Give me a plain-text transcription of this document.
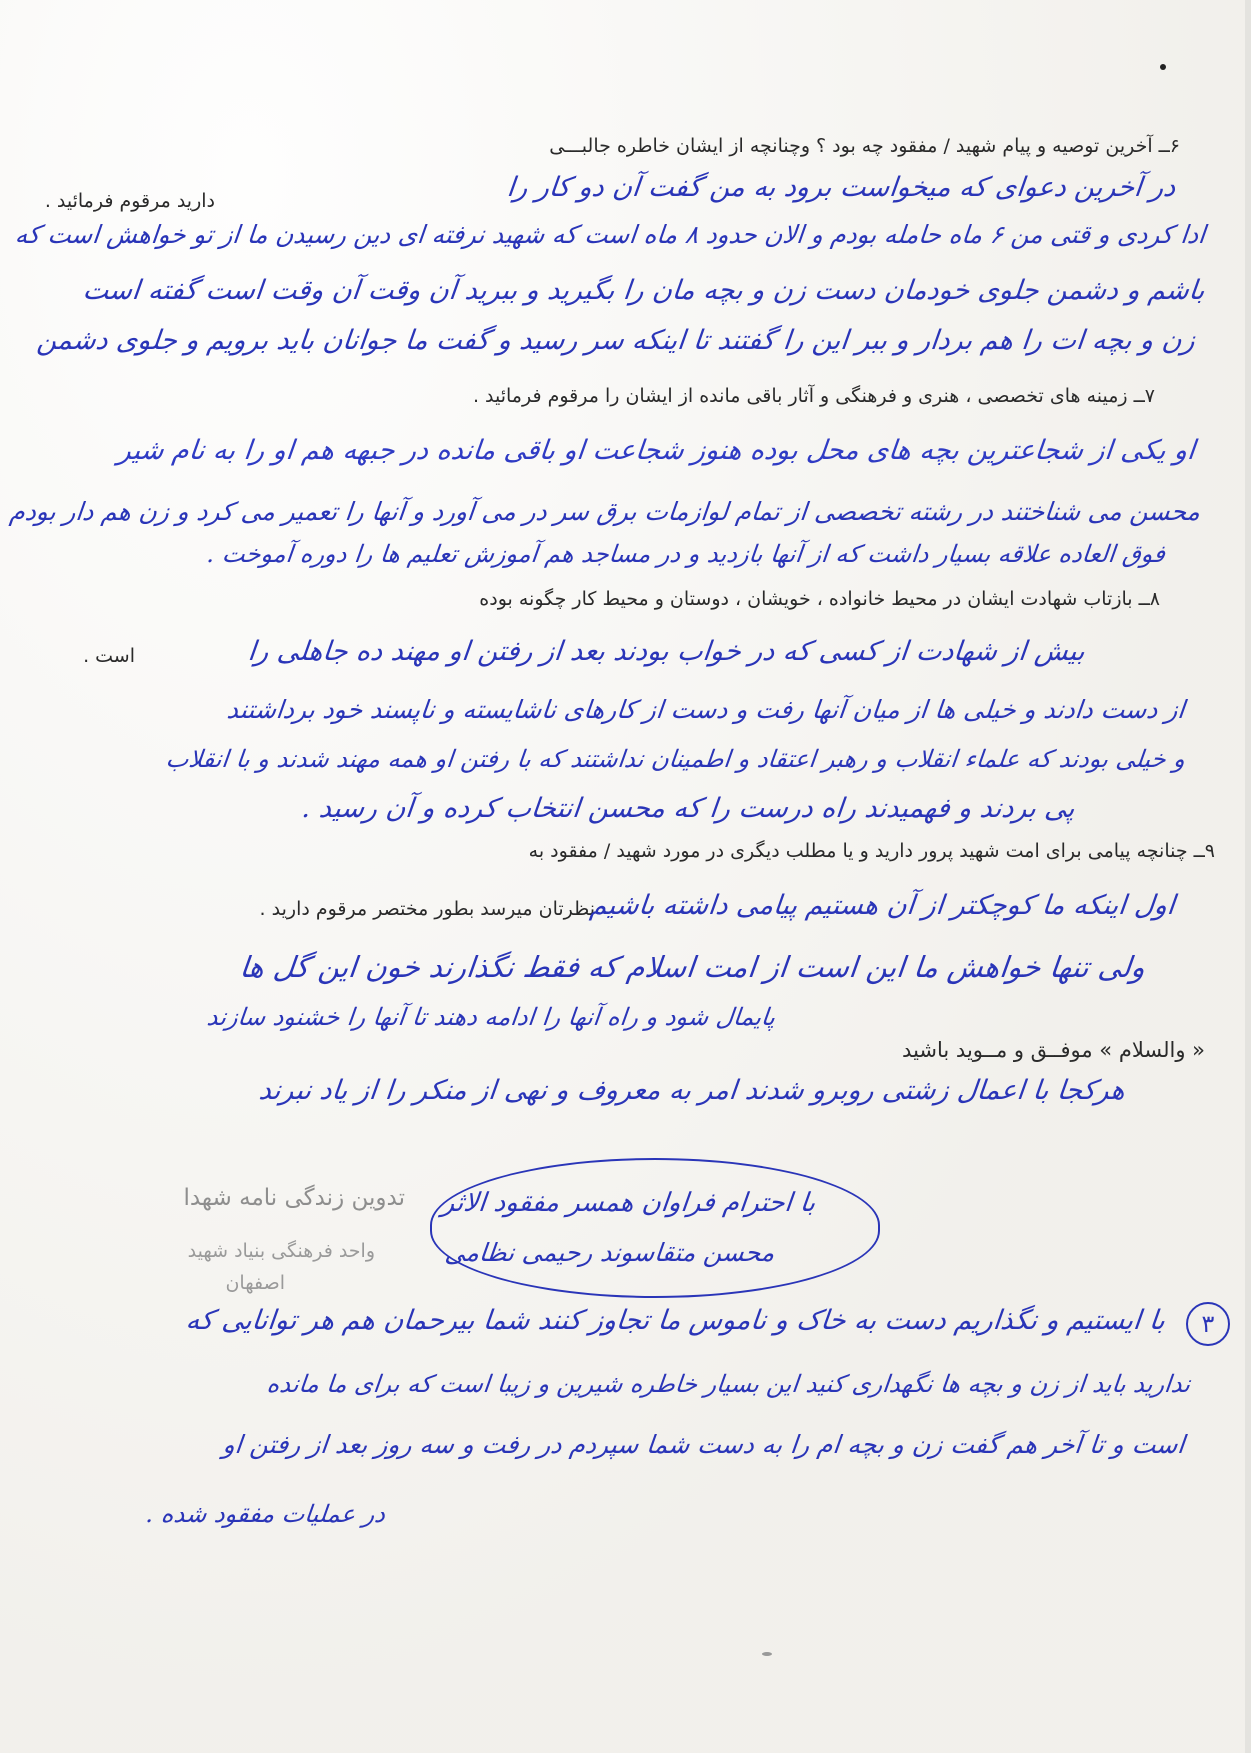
۶ــ آخرین توصیه و پیام شهید / مفقود چه بود ؟ وچنانچه از ایشان خاطره جالبـــی
دارید مرقوم فرمائید .	در آخرین دعوای که میخواست برود به من گفت آن دو کار را
ادا کردی و قتی من ۶ ماه حامله بودم و الان حدود ۸ ماه است که شهید نرفته ای دین رسیدن ما از تو خواهش است که
باشم و دشمن جلوی خودمان دست زن و بچه مان را بگیرید و ببرید آن وقت آن وقت است گفته است
زن و بچه ات را هم بردار و ببر این را گفتند تا اینکه سر رسید و گفت ما جوانان باید برویم و جلوی دشمن
۷ــ زمینه های تخصصی ، هنری و فرهنگی و آثار باقی مانده از ایشان را مرقوم فرمائید .
او یکی از شجاعترین بچه های محل بوده هنوز شجاعت او باقی مانده در جبهه هم او را به نام شیر
محسن می شناختند در رشته تخصصی از تمام لوازمات برق سر در می آورد و آنها را تعمیر می کرد و زن هم دار بودم
فوق العاده علاقه بسیار داشت که از آنها بازدید و در مساجد هم آموزش تعلیم ها را دوره آموخت .
۸ــ بازتاب شهادت ایشان در محیط خانواده ، خویشان ، دوستان و محیط کار چگونه بوده
است .	بیش از شهادت از کسی که در خواب بودند بعد از رفتن او مهند ده جاهلی را
از دست دادند و خیلی ها از میان آنها رفت و دست از کارهای ناشایسته و ناپسند خود برداشتند
و خیلی بودند که علماء انقلاب و رهبر اعتقاد و اطمینان نداشتند که با رفتن او همه مهند شدند و با انقلاب
پی بردند و فهمیدند راه درست را که محسن انتخاب کرده و آن رسید .
۹ــ چنانچه پیامی برای امت شهید پرور دارید و یا مطلب دیگری در مورد شهید / مفقود به
نظرتان میرسد بطور مختصر مرقوم دارید .
اول اینکه ما کوچکتر از آن هستیم پیامی داشته باشیم
ولی تنها خواهش ما این است از امت اسلام که فقط نگذارند خون این گل ها
پایمال شود و راه آنها را ادامه دهند تا آنها را خشنود سازند
« والسلام » موفــق و مــوید باشید
هرکجا با اعمال زشتی روبرو شدند امر به معروف و نهی از منکر را از یاد نبرند
تدوین زندگی نامه شهدا
واحد فرهنگی بنیاد شهید
اصفهان
با احترام فراوان همسر مفقود الاثر
محسن متقاسوند رحیمی نظامی
۳
با ایستیم و نگذاریم دست به خاک و ناموس ما تجاوز کنند شما بیرحمان هم هر توانایی که
ندارید باید از زن و بچه ها نگهداری کنید این بسیار خاطره شیرین و زیبا است که برای ما مانده
است و تا آخر هم گفت زن و بچه ام را به دست شما سپردم در رفت و سه روز بعد از رفتن او
در عملیات مفقود شده .
